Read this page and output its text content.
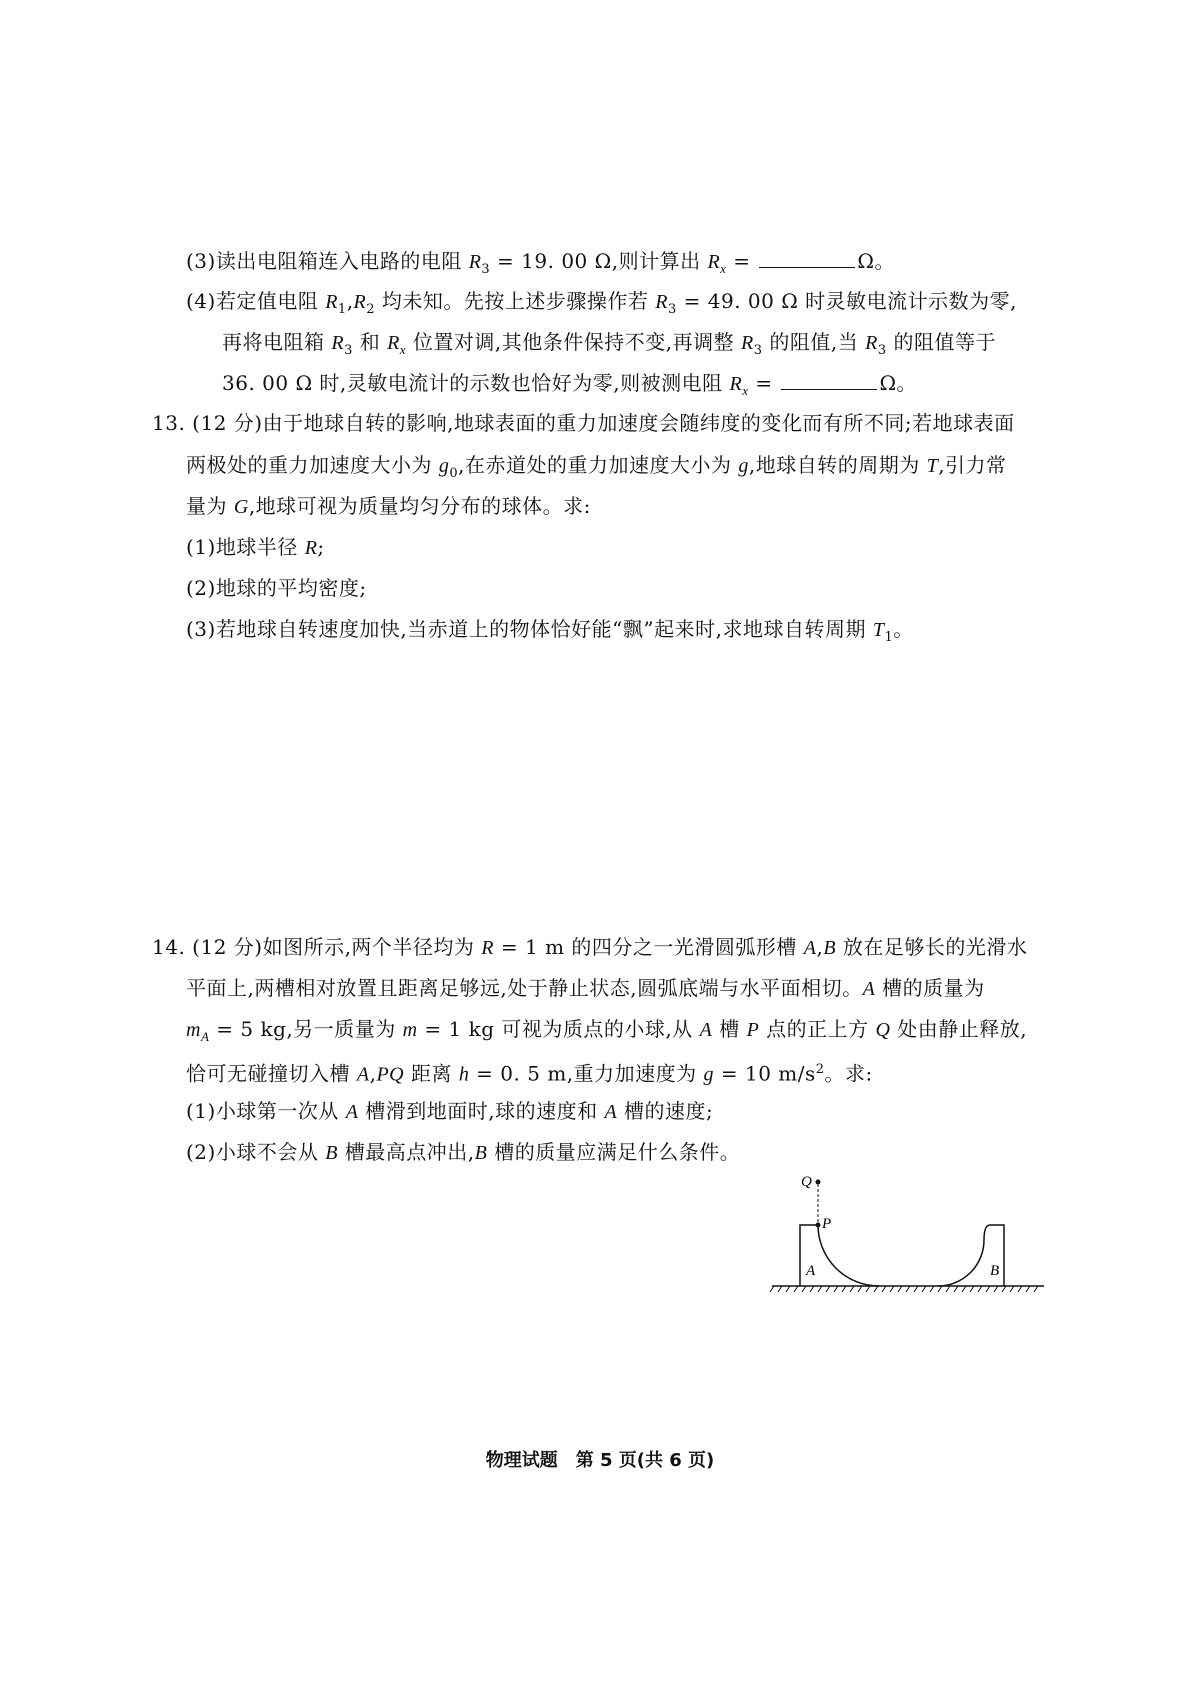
(3)读出电阻箱连入电路的电阻 $R_3 = 19$. 00 Ω,则计算出 $R_x$ =	Ω。
(4)若定值电阻 $R_1,R_2$ 均未知。先按上述步骤操作若 $R_3 = 49$. 00 Ω 时灵敏电流计示数为零,
再将电阻箱 $R_3$ 和 $R_x$ 位置对调,其他条件保持不变,再调整 $R_3$ 的阻值,当 $R_3$ 的阻值等于
36. 00 Ω 时,灵敏电流计的示数也恰好为零,则被测电阻 $R_x$ =	Ω。
13. (12 分)由于地球自转的影响,地球表面的重力加速度会随纬度的变化而有所不同;若地球表面
两极处的重力加速度大小为 $g_0$,在赤道处的重力加速度大小为 g,地球自转的周期为 T,引力常
量为 G,地球可视为质量均匀分布的球体。求:
(1)地球半径 R;
(2)地球的平均密度;
(3)若地球自转速度加快,当赤道上的物体恰好能“飘”起来时,求地球自转周期 $T_1$。
14. (12 分)如图所示,两个半径均为 R = 1 m 的四分之一光滑圆弧形槽 A,B 放在足够长的光滑水
平面上,两槽相对放置且距离足够远,处于静止状态,圆弧底端与水平面相切。A 槽的质量为
$m_A = 5$ kg,另一质量为 m = 1 kg 可视为质点的小球,从 A 槽 P 点的正上方 Q 处由静止释放,
恰可无碰撞切入槽 A,PQ 距离 h = 0. 5 m,重力加速度为 g = 10 $m/s^2$。求:
(1)小球第一次从 A 槽滑到地面时,球的速度和 A 槽的速度;
(2)小球不会从 B 槽最高点冲出,B 槽的质量应满足什么条件。
Q
P
A	B
物理试题　第 5 页(共 6 页)
